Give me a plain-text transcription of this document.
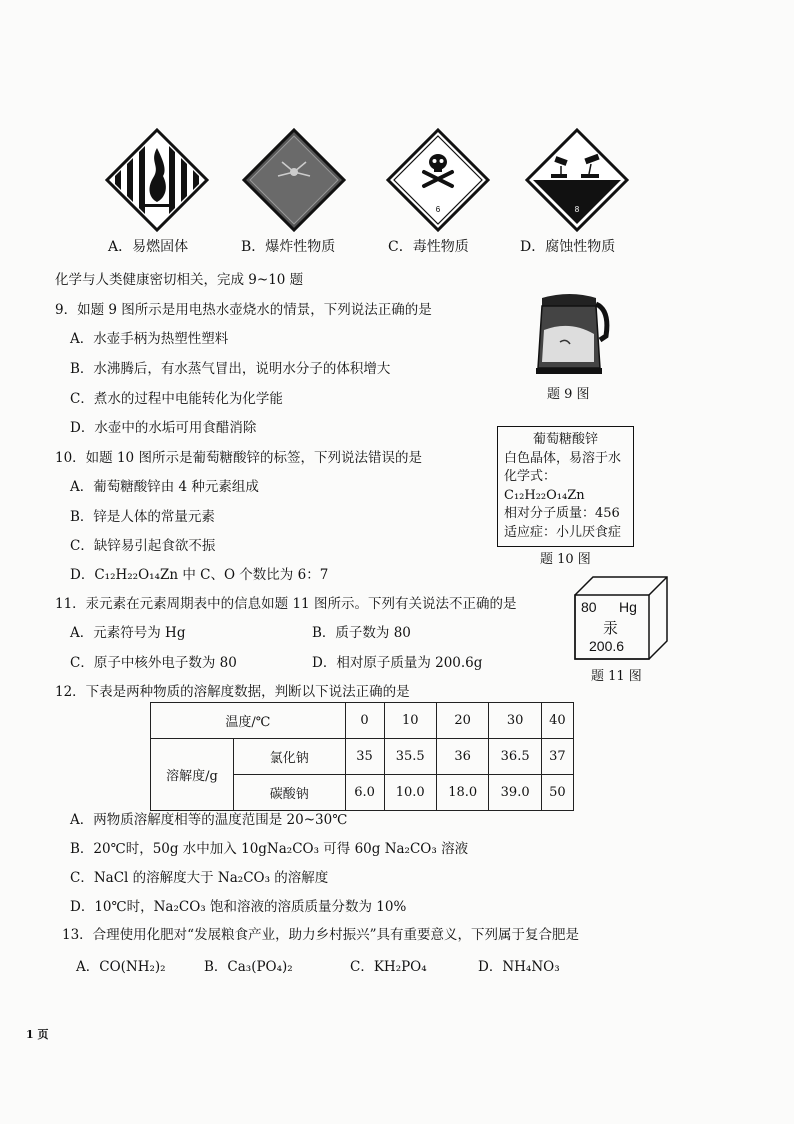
6	8
A．易燃固体	B．爆炸性物质	C．毒性物质	D．腐蚀性物质
化学与人类健康密切相关，完成 9~10 题
9．如题 9 图所示是用电热水壶烧水的情景，下列说法正确的是
A．水壶手柄为热塑性塑料
B．水沸腾后，有水蒸气冒出，说明水分子的体积增大
C．煮水的过程中电能转化为化学能
D．水壶中的水垢可用食醋消除
题 9 图
10．如题 10 图所示是葡萄糖酸锌的标签，下列说法错误的是
A．葡萄糖酸锌由 4 种元素组成
B．锌是人体的常量元素
C．缺锌易引起食欲不振
D．C₁₂H₂₂O₁₄Zn 中 C、O 个数比为 6：7
葡萄糖酸锌
白色晶体，易溶于水
化学式：C₁₂H₂₂O₁₄Zn
相对分子质量：456
适应症：小儿厌食症
题 10 图
11．汞元素在元素周期表中的信息如题 11 图所示。下列有关说法不正确的是
A．元素符号为 Hg	B．质子数为 80
C．原子中核外电子数为 80	D．相对原子质量为 200.6g
80 Hg
汞
200.6
题 11 图
12．下表是两种物质的溶解度数据，判断以下说法正确的是
温度/℃		0	10	20	30	40
溶解度/g	氯化钠	35	35.5	36	36.5	37
	碳酸钠	6.0	10.0	18.0	39.0	50
A．两物质溶解度相等的温度范围是 20~30℃
B．20℃时，50g 水中加入 10gNa₂CO₃ 可得 60g Na₂CO₃ 溶液
C．NaCl 的溶解度大于 Na₂CO₃ 的溶解度
D．10℃时，Na₂CO₃ 饱和溶液的溶质质量分数为 10%
13．合理使用化肥对“发展粮食产业，助力乡村振兴”具有重要意义，下列属于复合肥是
A．CO(NH₂)₂	B．Ca₃(PO₄)₂	C．KH₂PO₄	D．NH₄NO₃
1 页
